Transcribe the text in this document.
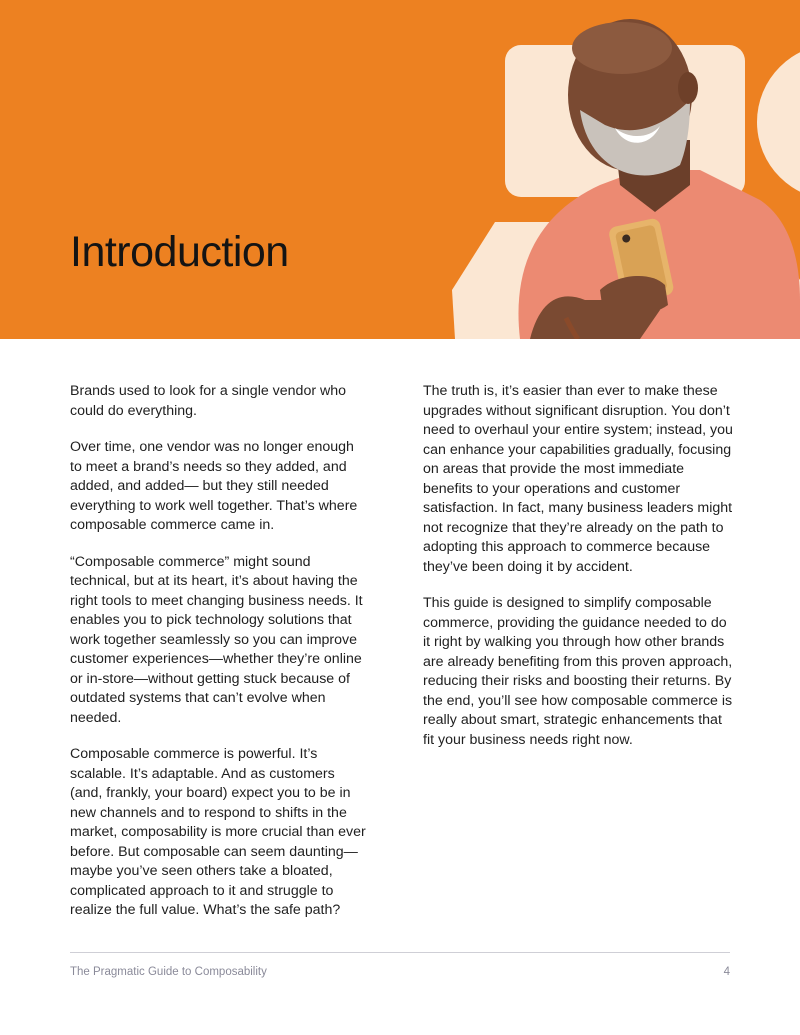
Introduction

Brands used to look for a single vendor who could do everything.

Over time, one vendor was no longer enough to meet a brand’s needs so they added, and added, and added— but they still needed everything to work well together. That’s where composable commerce came in.

“Composable commerce” might sound technical, but at its heart, it’s about having the right tools to meet changing business needs. It enables you to pick technology solutions that work together seamlessly so you can improve customer experiences—whether they’re online or in-store—without getting stuck because of outdated systems that can’t evolve when needed.

Composable commerce is powerful. It’s scalable. It’s adaptable. And as customers (and, frankly, your board) expect you to be in new channels and to respond to shifts in the market, composability is more crucial than ever before. But composable can seem daunting— maybe you’ve seen others take a bloated, complicated approach to it and struggle to realize the full value. What’s the safe path?

The truth is, it’s easier than ever to make these upgrades without significant disruption. You don’t need to overhaul your entire system; instead, you can enhance your capabilities gradually, focusing on areas that provide the most immediate benefits to your operations and customer satisfaction. In fact, many business leaders might not recognize that they’re already on the path to adopting this approach to commerce because they’ve been doing it by accident.

This guide is designed to simplify composable commerce, providing the guidance needed to do it right by walking you through how other brands are already benefiting from this proven approach, reducing their risks and boosting their returns. By the end, you’ll see how composable commerce is really about smart, strategic enhancements that fit your business needs right now.

The Pragmatic Guide to Composability	4
